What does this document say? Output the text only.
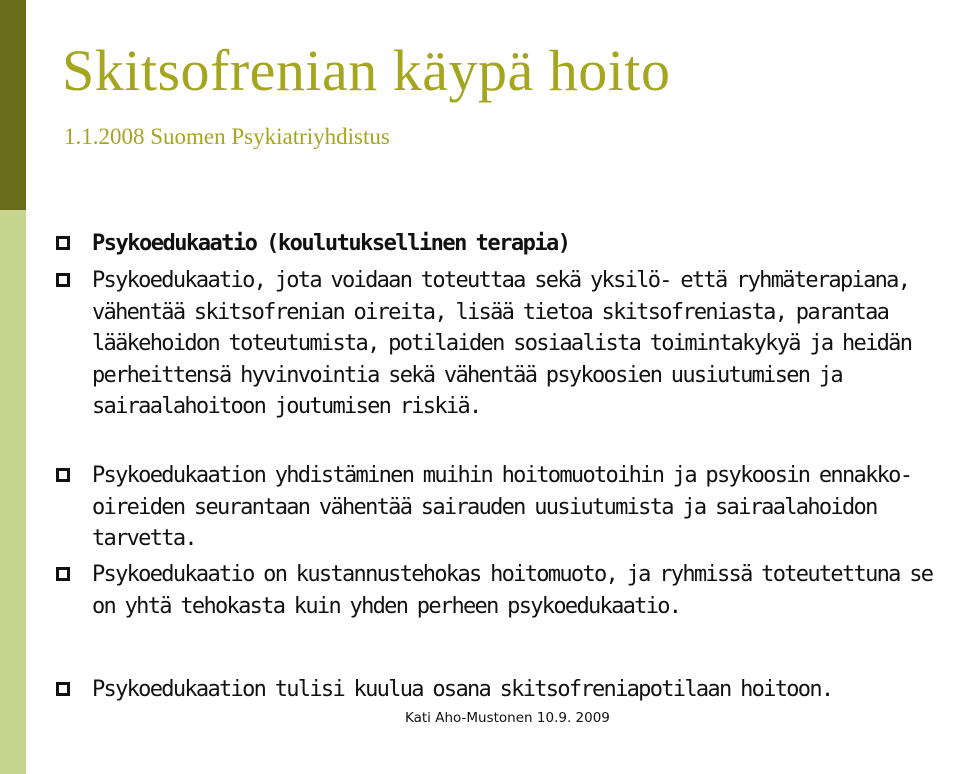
Skitsofrenian käypä hoito
1.1.2008 Suomen Psykiatriyhdistus
Psykoedukaatio (koulutuksellinen terapia)
Psykoedukaatio, jota voidaan toteuttaa sekä yksilö- että ryhmäterapiana, vähentää skitsofrenian oireita, lisää tietoa skitsofreniasta, parantaa lääkehoidon toteutumista, potilaiden sosiaalista toimintakykyä ja heidän perheittensä hyvinvointia sekä vähentää psykoosien uusiutumisen ja sairaalahoitoon joutumisen riskiä.
Psykoedukaation yhdistäminen muihin hoitomuotoihin ja psykoosin ennakko-oireiden seurantaan vähentää sairauden uusiutumista ja sairaalahoidon tarvetta.
Psykoedukaatio on kustannustehokas hoitomuoto, ja ryhmissä toteutettuna se on yhtä tehokasta kuin yhden perheen psykoedukaatio.
Psykoedukaation tulisi kuulua osana skitsofreniapotilaan hoitoon.
Kati Aho-Mustonen 10.9. 2009
